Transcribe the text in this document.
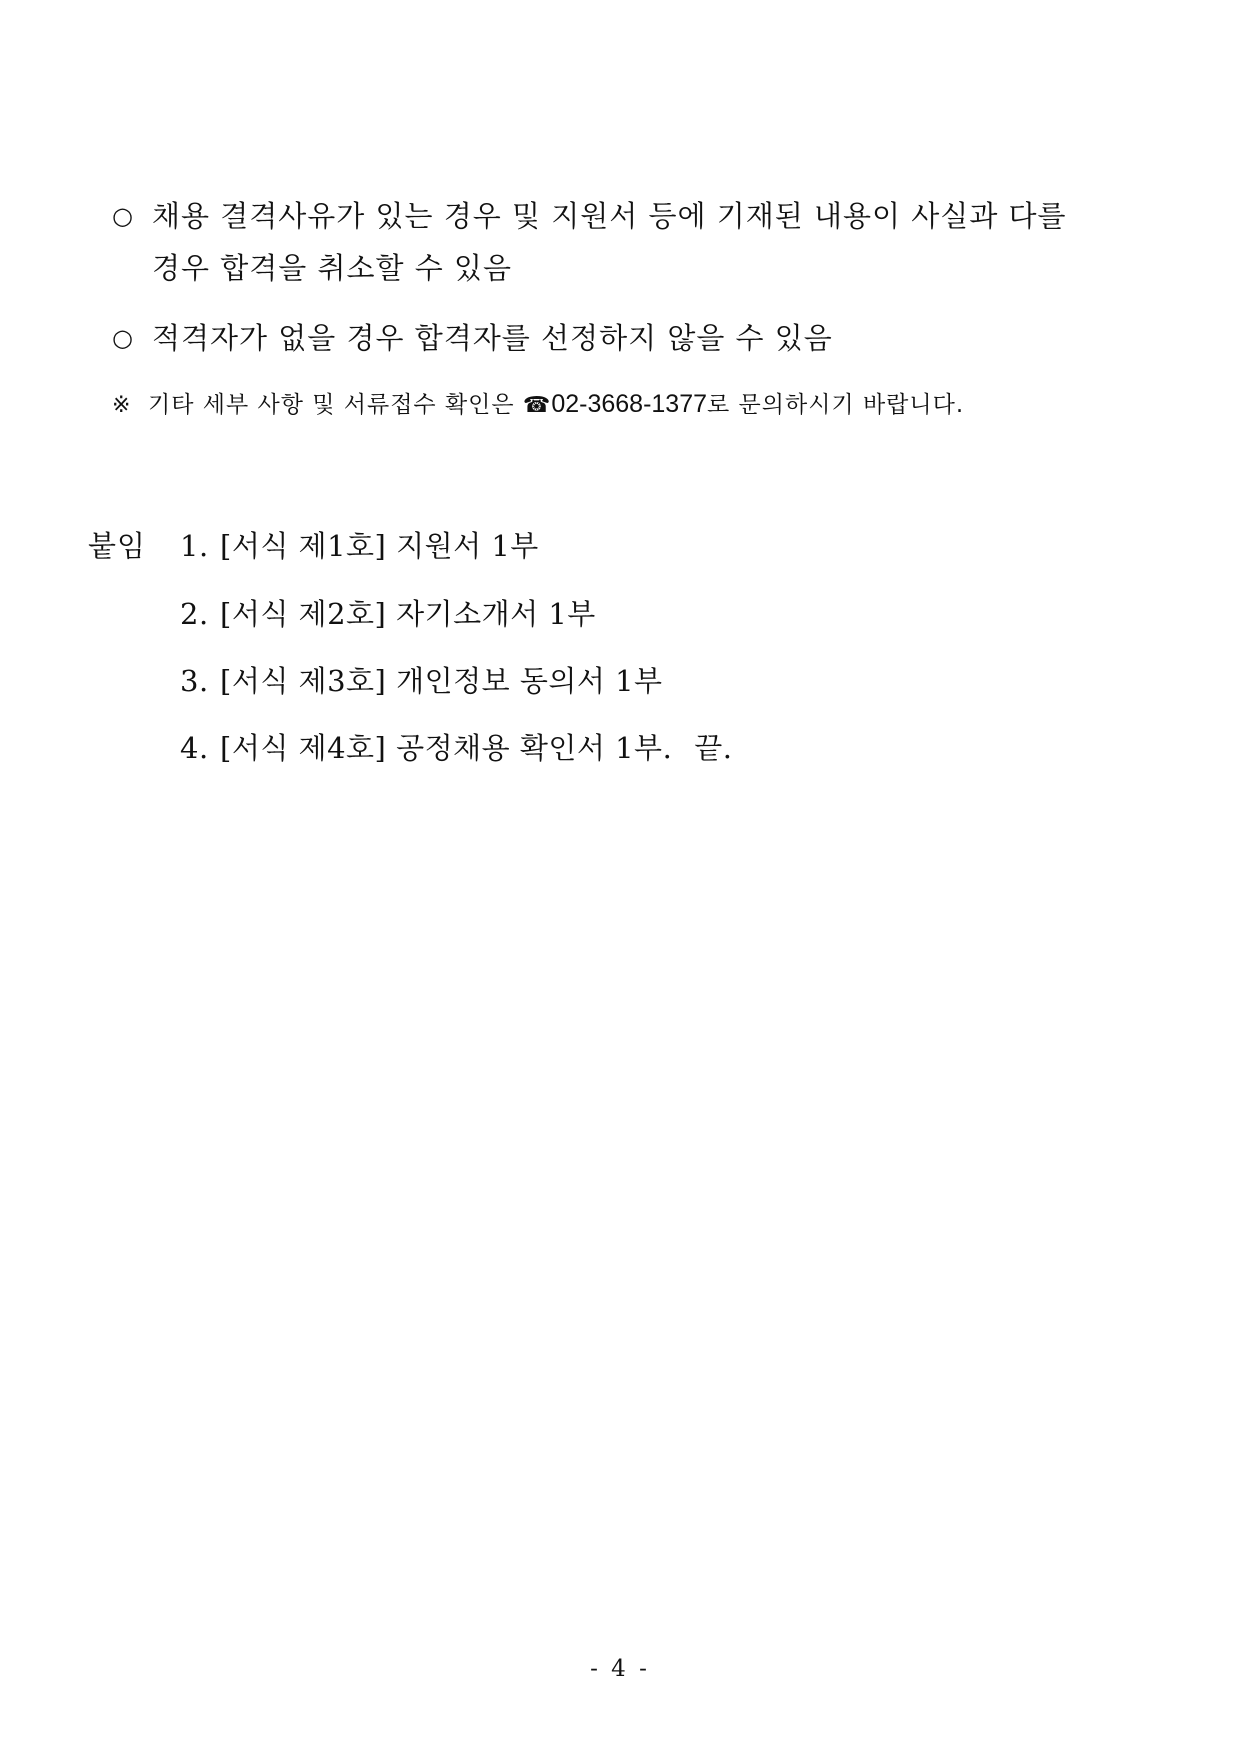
○ 채용 결격사유가 있는 경우 및 지원서 등에 기재된 내용이 사실과 다를
경우 합격을 취소할 수 있음
○ 적격자가 없을 경우 합격자를 선정하지 않을 수 있음
※ 기타 세부 사항 및 서류접수 확인은 ☎02-3668-1377로 문의하시기 바랍니다.
붙임 1. [서식 제1호] 지원서 1부
2. [서식 제2호] 자기소개서 1부
3. [서식 제3호] 개인정보 동의서 1부
4. [서식 제4호] 공정채용 확인서 1부. 끝.
- 4 -
